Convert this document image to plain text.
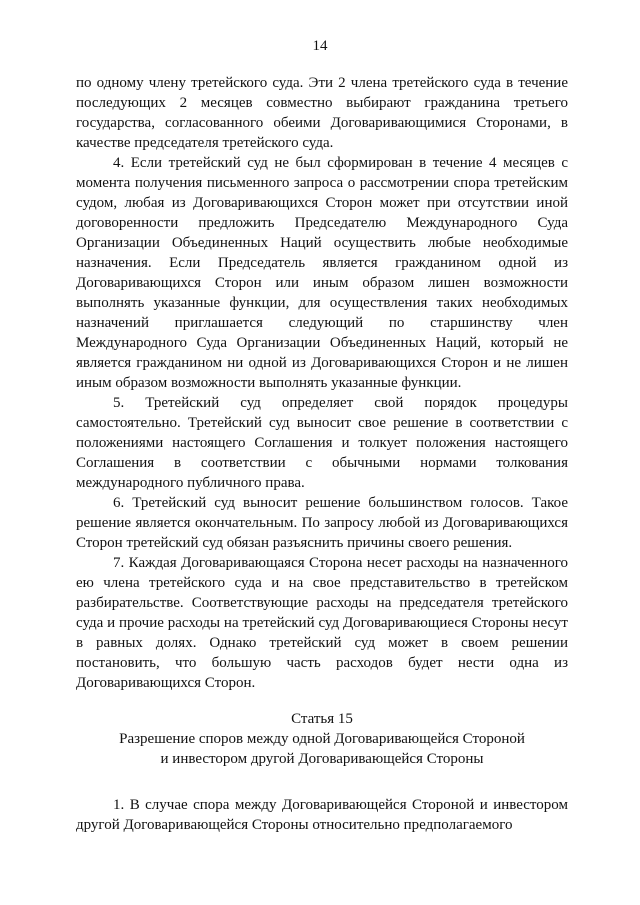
14

по одному члену третейского суда. Эти 2 члена третейского суда в течение последующих 2 месяцев совместно выбирают гражданина третьего государства, согласованного обеими Договаривающимися Сторонами, в качестве председателя третейского суда.

4. Если третейский суд не был сформирован в течение 4 месяцев с момента получения письменного запроса о рассмотрении спора третейским судом, любая из Договаривающихся Сторон может при отсутствии иной договоренности предложить Председателю Международного Суда Организации Объединенных Наций осуществить любые необходимые назначения. Если Председатель является гражданином одной из Договаривающихся Сторон или иным образом лишен возможности выполнять указанные функции, для осуществления таких необходимых назначений приглашается следующий по старшинству член Международного Суда Организации Объединенных Наций, который не является гражданином ни одной из Договаривающихся Сторон и не лишен иным образом возможности выполнять указанные функции.

5. Третейский суд определяет свой порядок процедуры самостоятельно. Третейский суд выносит свое решение в соответствии с положениями настоящего Соглашения и толкует положения настоящего Соглашения в соответствии с обычными нормами толкования международного публичного права.

6. Третейский суд выносит решение большинством голосов. Такое решение является окончательным. По запросу любой из Договаривающихся Сторон третейский суд обязан разъяснить причины своего решения.

7. Каждая Договаривающаяся Сторона несет расходы на назначенного ею члена третейского суда и на свое представительство в третейском разбирательстве. Соответствующие расходы на председателя третейского суда и прочие расходы на третейский суд Договаривающиеся Стороны несут в равных долях. Однако третейский суд может в своем решении постановить, что большую часть расходов будет нести одна из Договаривающихся Сторон.

Статья 15
Разрешение споров между одной Договаривающейся Стороной
и инвестором другой Договаривающейся Стороны

1. В случае спора между Договаривающейся Стороной и инвестором другой Договаривающейся Стороны относительно предполагаемого
